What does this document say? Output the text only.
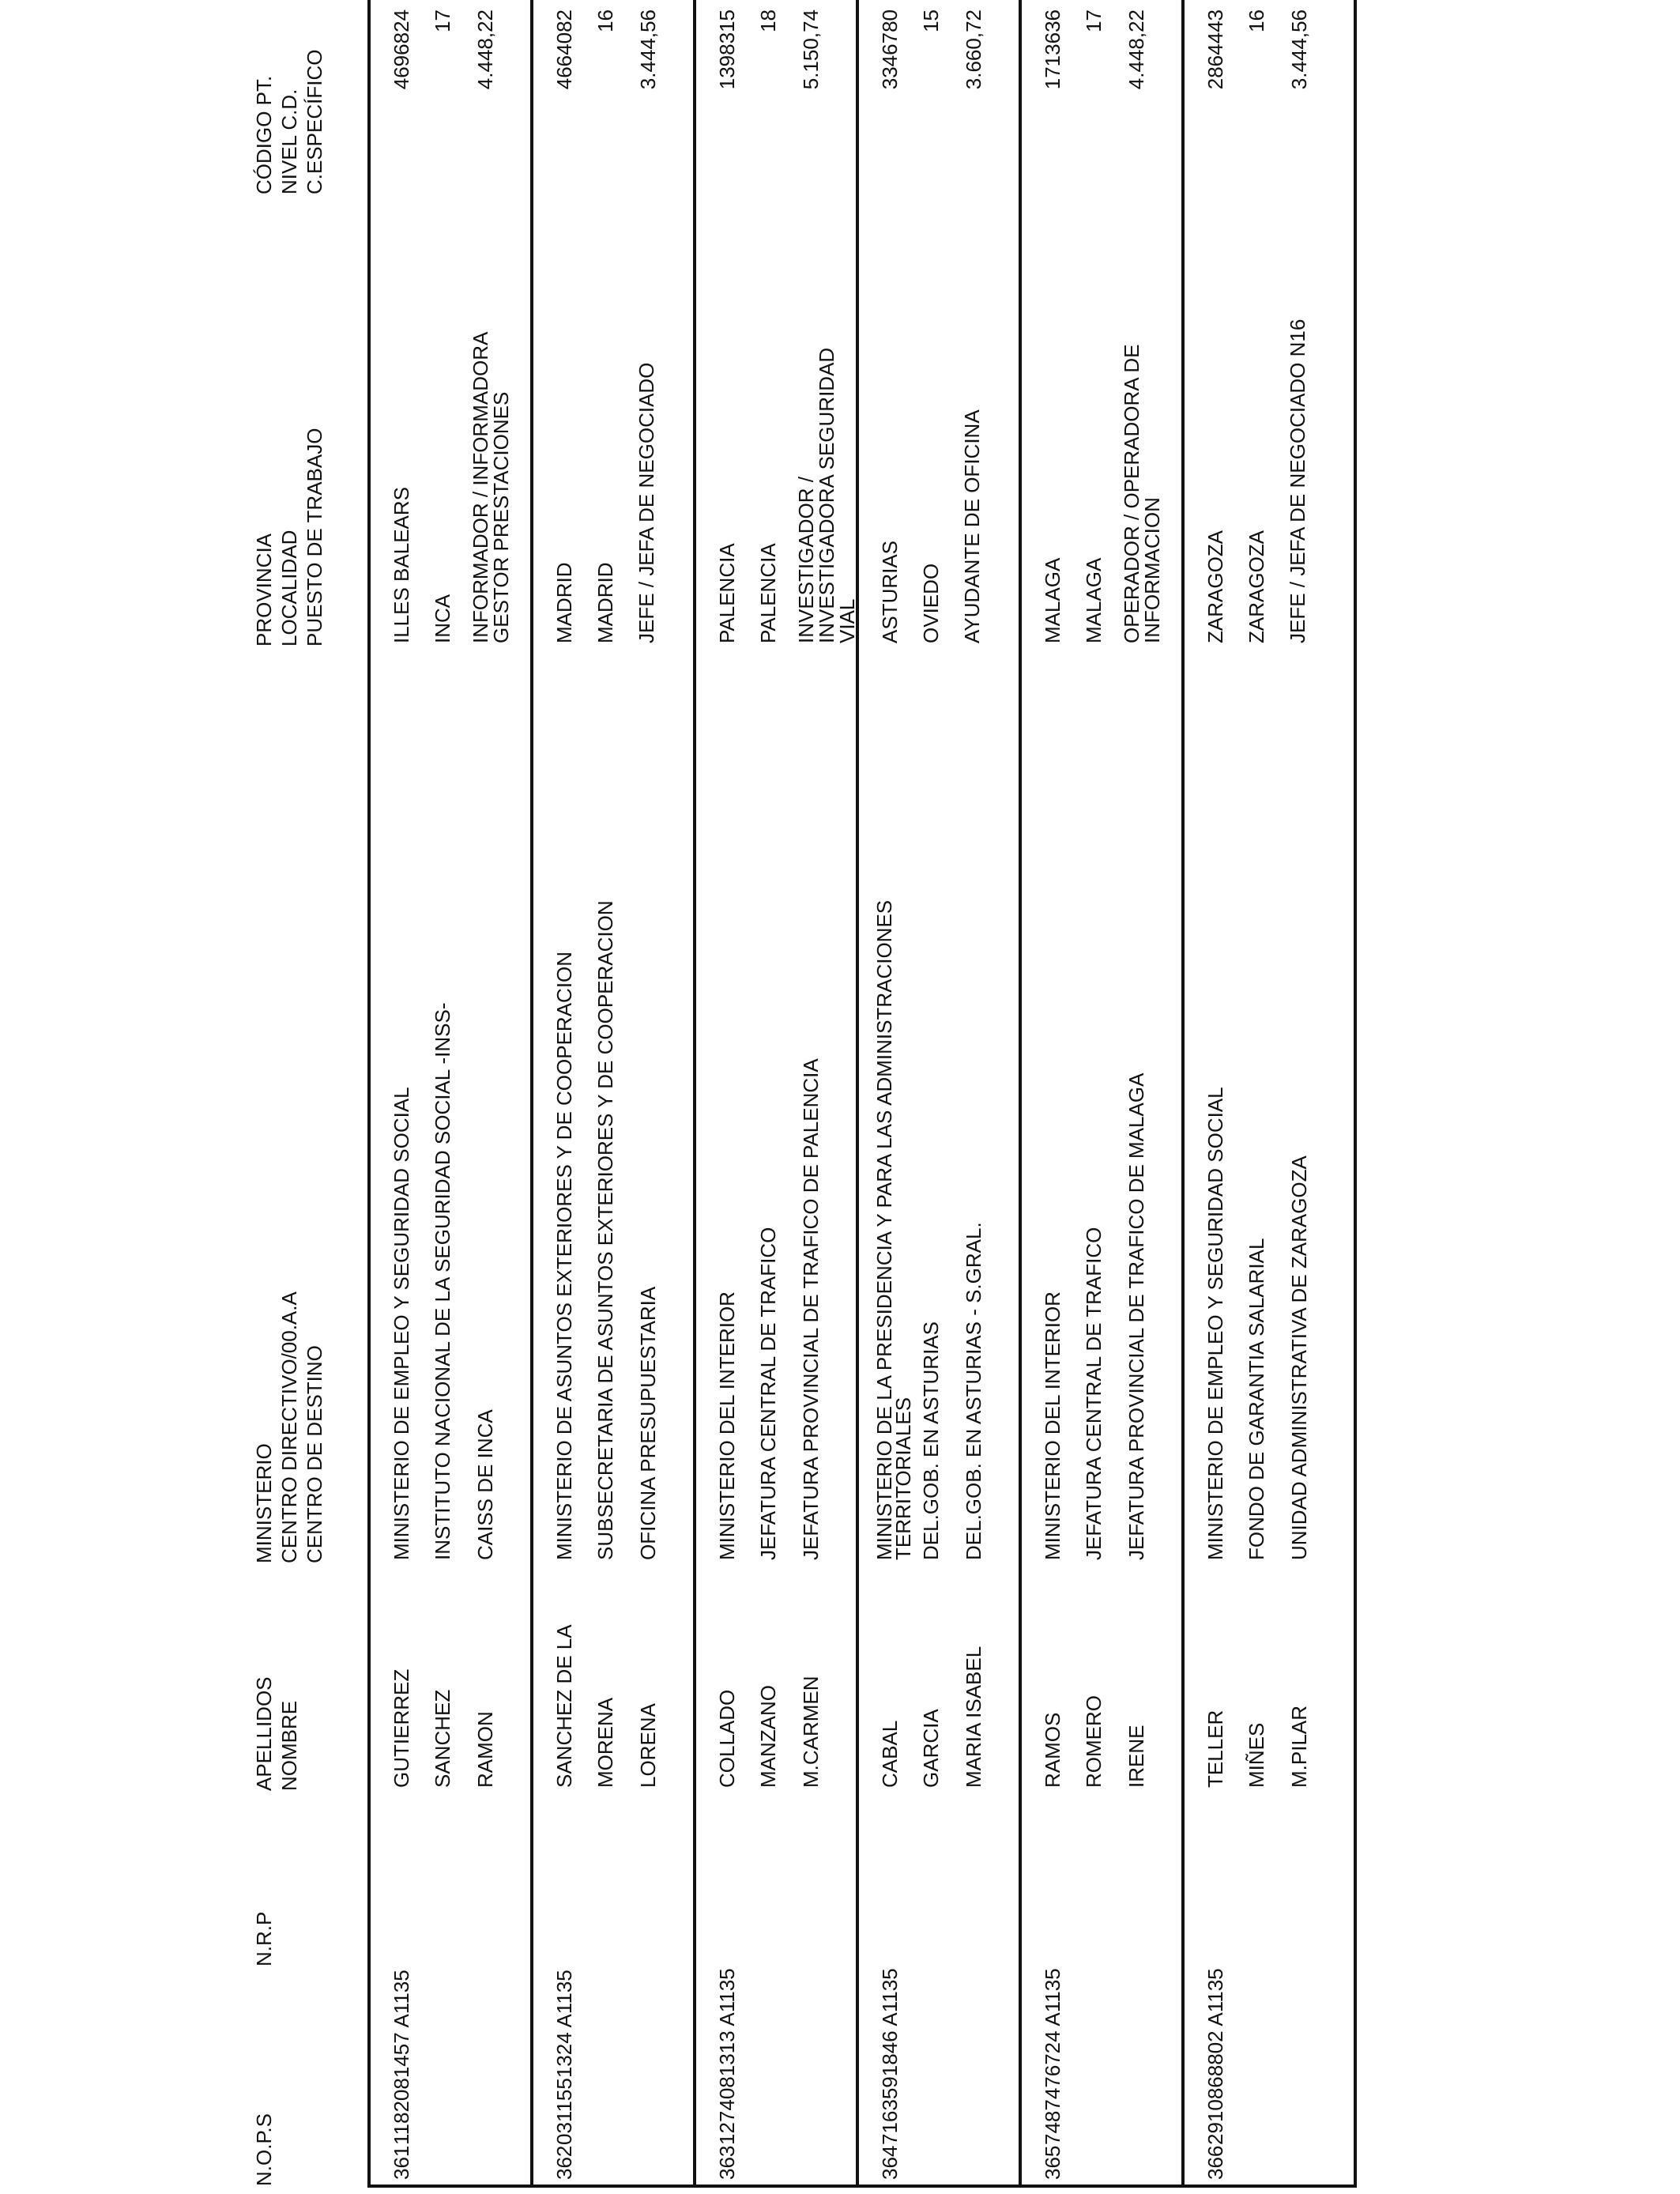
N.O.P.S
N.R.P
APELLIDOS NOMBRE
MINISTERIO CENTRO DIRECTIVO/00.A.A CENTRO DE DESTINO
PROVINCIA LOCALIDAD PUESTO DE TRABAJO
CÓDIGO PT. NIVEL C.D. C.ESPECÍFICO
361
1182081457 A1135
GUTIERREZ SANCHEZ RAMON
MINISTERIO DE EMPLEO Y SEGURIDAD SOCIAL INSTITUTO NACIONAL DE LA SEGURIDAD SOCIAL -INSS- CAISS DE INCA
ILLES BALEARS INCA INFORMADOR / INFORMADORA GESTOR PRESTACIONES
4696824 17 4.448,22
362
0311551324 A1135
SANCHEZ DE LA MORENA LORENA
MINISTERIO DE ASUNTOS EXTERIORES Y DE COOPERACION SUBSECRETARIA DE ASUNTOS EXTERIORES Y DE COOPERACION OFICINA PRESUPUESTARIA
MADRID MADRID JEFE / JEFA DE NEGOCIADO
4664082 16 3.444,56
363
1274081313 A1135
COLLADO MANZANO M.CARMEN
MINISTERIO DEL INTERIOR JEFATURA CENTRAL DE TRAFICO JEFATURA PROVINCIAL DE TRAFICO DE PALENCIA
PALENCIA PALENCIA INVESTIGADOR / INVESTIGADORA SEGURIDAD VIAL
1398315 18 5.150,74
364
7163591846 A1135
CABAL GARCIA MARIA ISABEL
MINISTERIO DE LA PRESIDENCIA Y PARA LAS ADMINISTRACIONES TERRITORIALES DEL.GOB. EN ASTURIAS DEL.GOB. EN ASTURIAS - S.GRAL.
ASTURIAS OVIEDO AYUDANTE DE OFICINA
3346780 15 3.660,72
365
7487476724 A1135
RAMOS ROMERO IRENE
MINISTERIO DEL INTERIOR JEFATURA CENTRAL DE TRAFICO JEFATURA PROVINCIAL DE TRAFICO DE MALAGA
MALAGA MALAGA OPERADOR / OPERADORA DE INFORMACION
1713636 17 4.448,22
366
2910868802 A1135
TELLER MIÑES M.PILAR
MINISTERIO DE EMPLEO Y SEGURIDAD SOCIAL FONDO DE GARANTIA SALARIAL UNIDAD ADMINISTRATIVA DE ZARAGOZA
ZARAGOZA ZARAGOZA JEFE / JEFA DE NEGOCIADO N16
2864443 16 3.444,56
